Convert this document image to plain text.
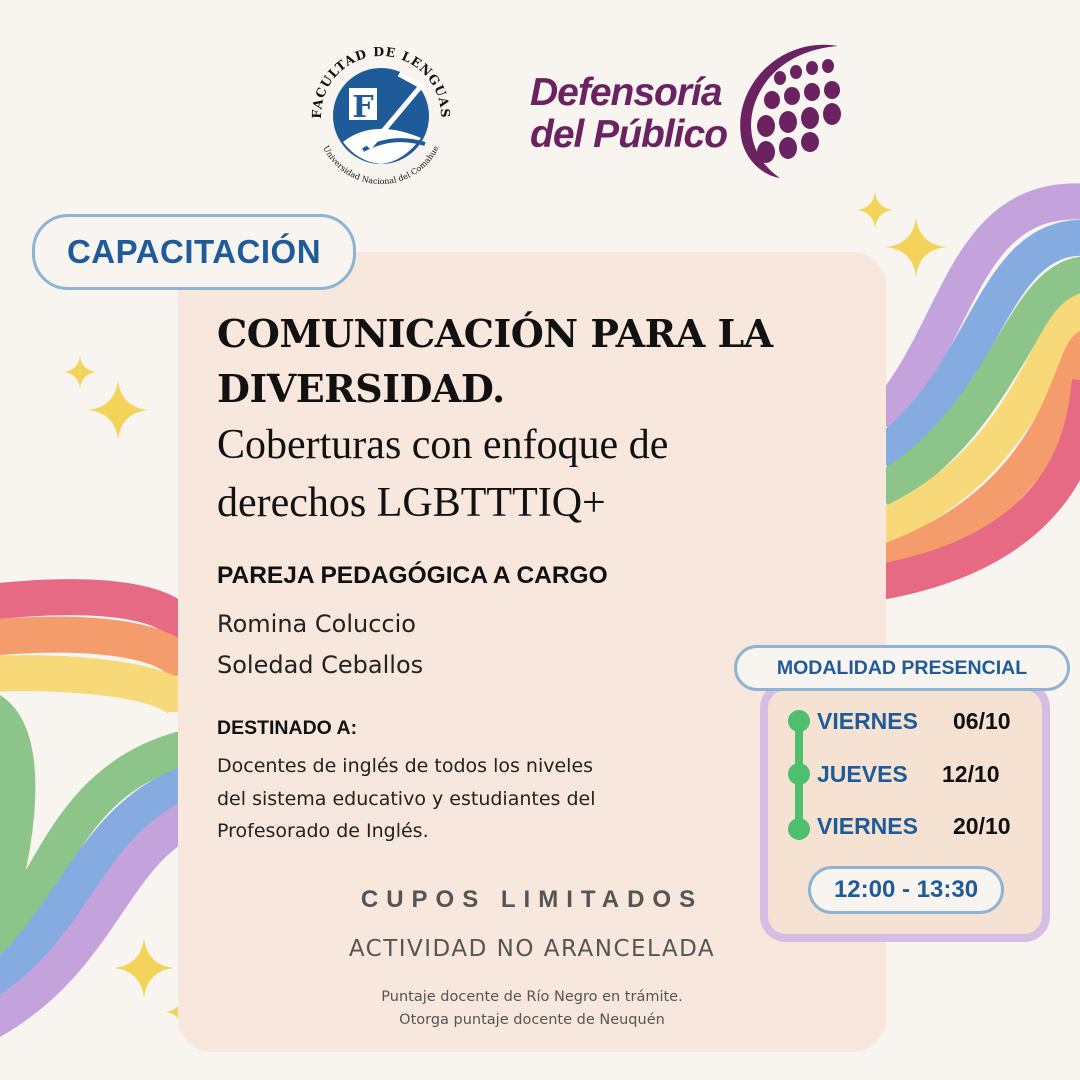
F
FACULTAD DE LENGUAS
Universidad Nacional del Comahue
Defensoría
del Público
CAPACITACIÓN
COMUNICACIÓN PARA LA
DIVERSIDAD.
Coberturas con enfoque de
derechos LGBTTTIQ+
PAREJA PEDAGÓGICA A CARGO
Romina Coluccio
Soledad Ceballos
DESTINADO A:
Docentes de inglés de todos los niveles
del sistema educativo y estudiantes del
Profesorado de Inglés.
CUPOS LIMITADOS
ACTIVIDAD NO ARANCELADA
Puntaje docente de Río Negro en trámite.
Otorga puntaje docente de Neuquén
MODALIDAD PRESENCIAL
VIERNES 06/10
JUEVES 12/10
VIERNES 20/10
12:00 - 13:30
